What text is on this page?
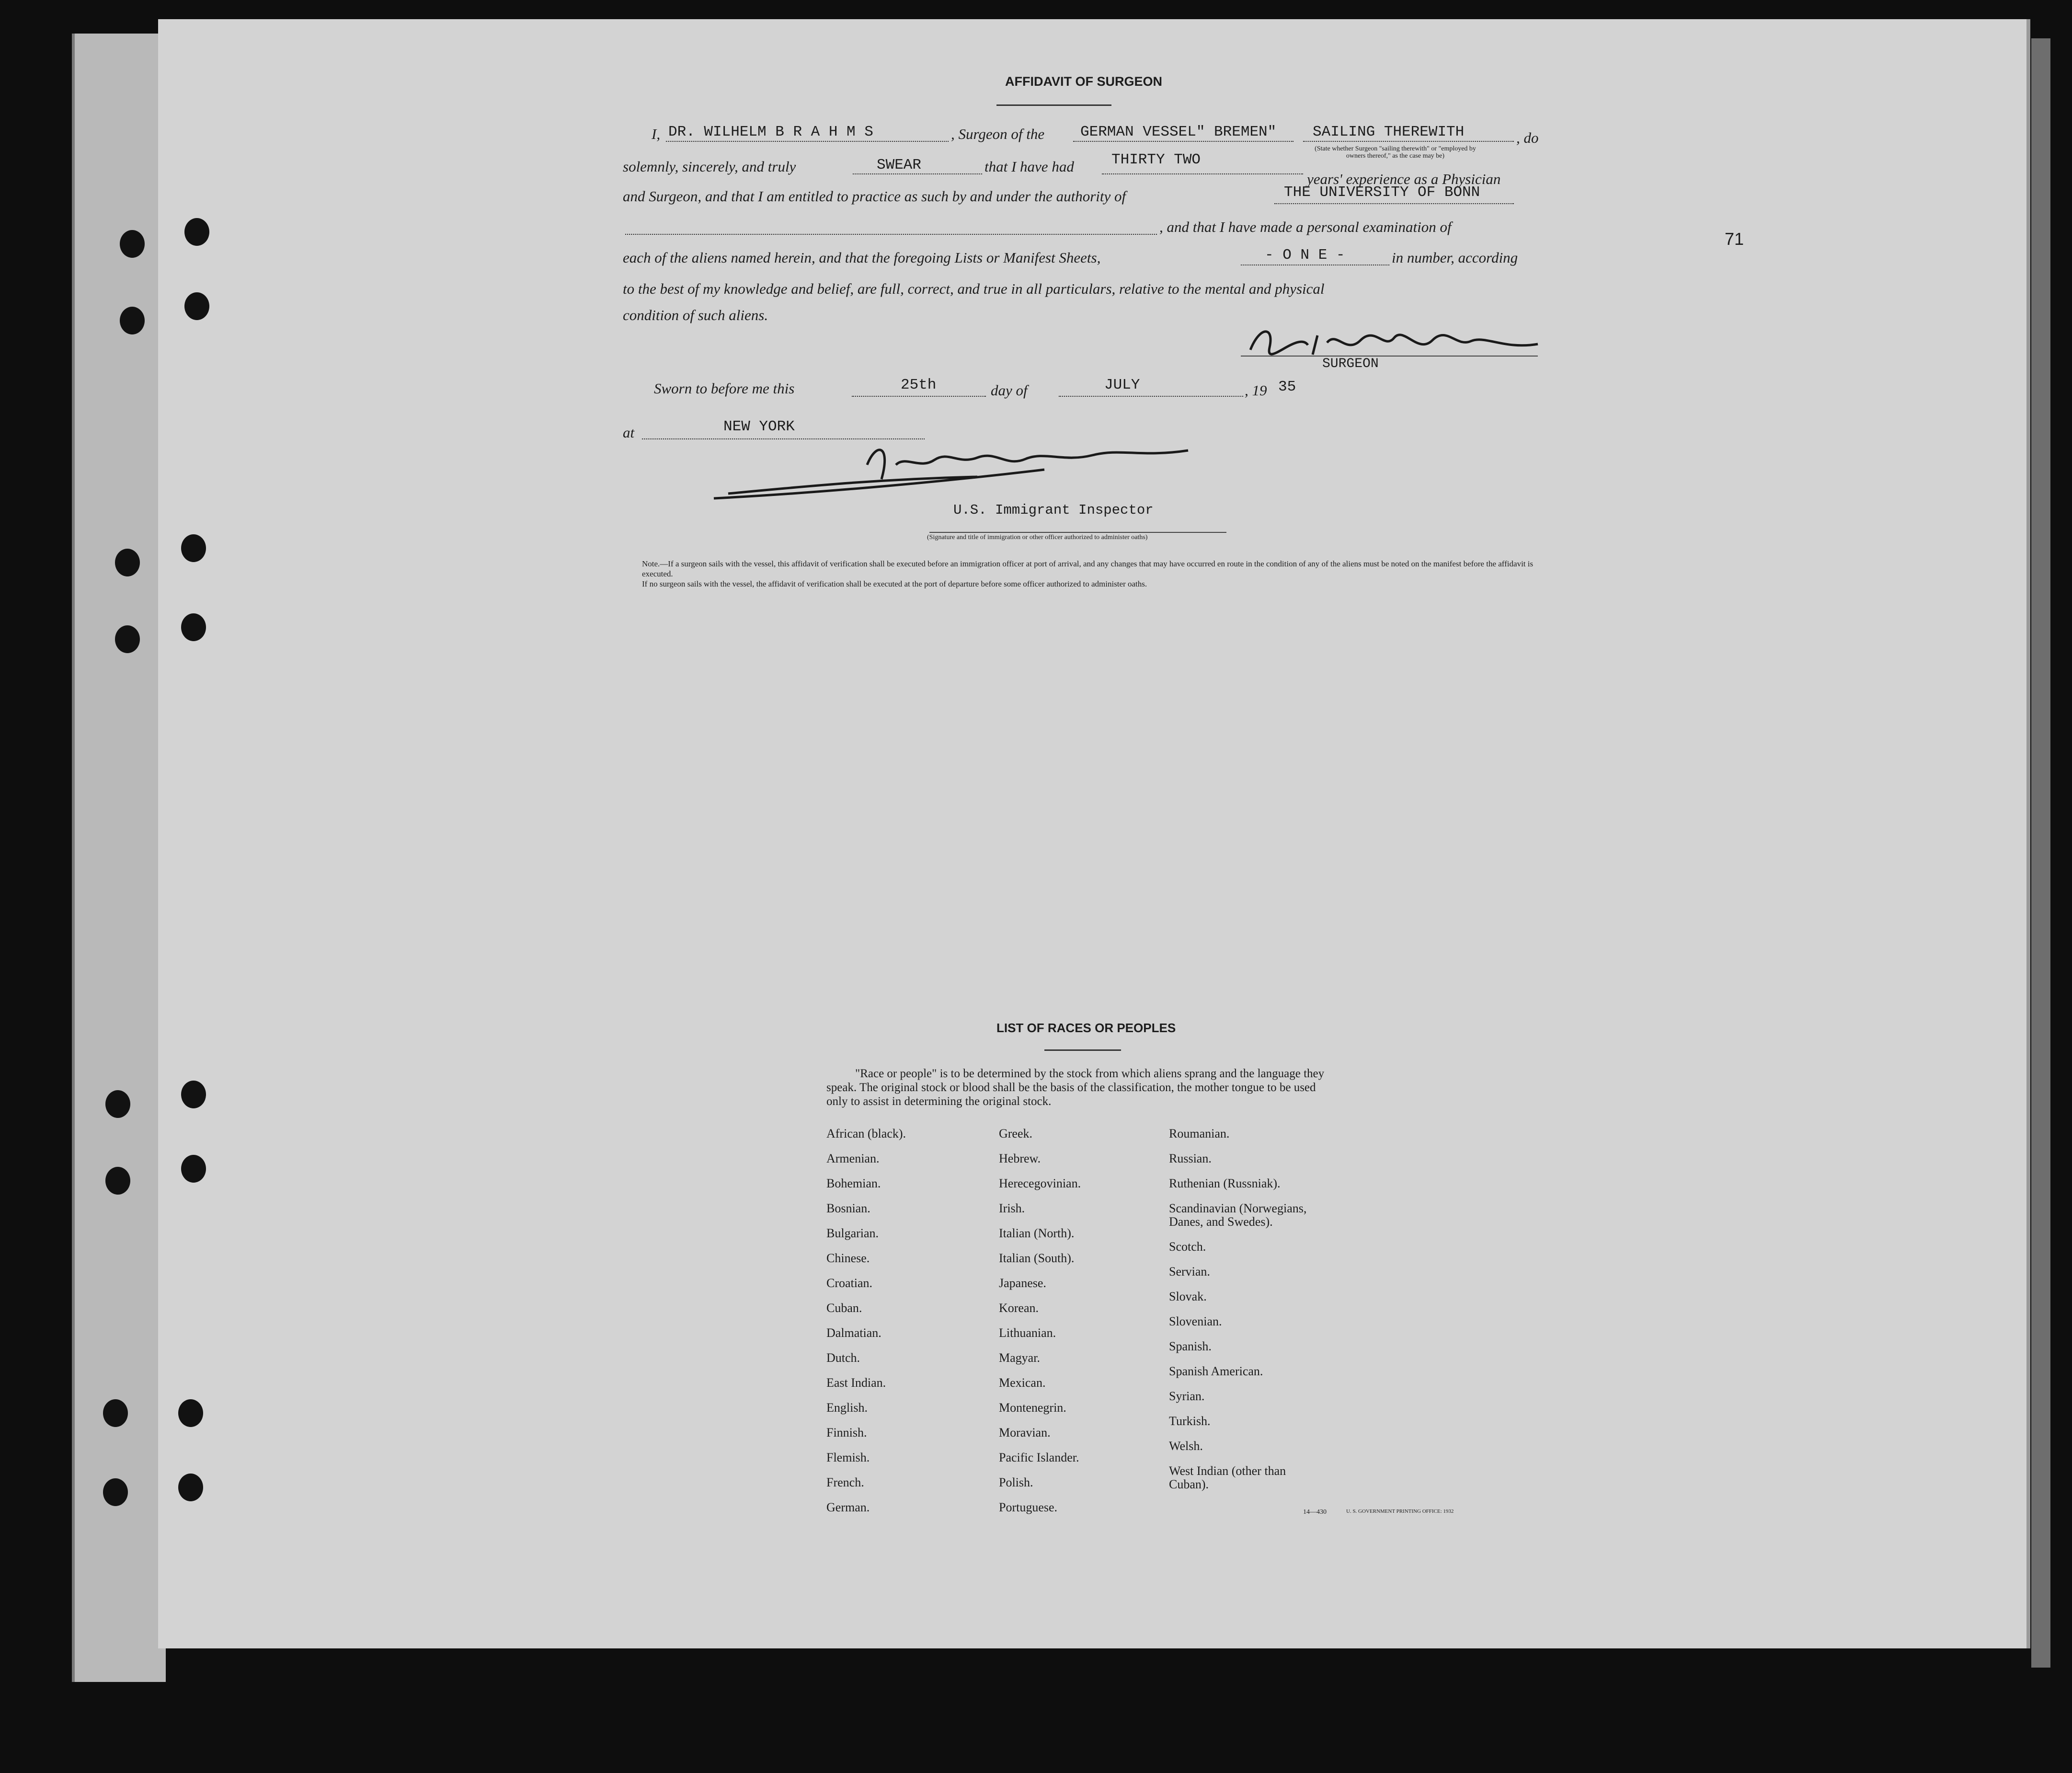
71
AFFIDAVIT OF SURGEON
I, DR. WILHELM B R A H M S	, Surgeon of the GERMAN VESSEL" BREMEN" SAILING THEREWITH	, do
(State whether Surgeon "sailing therewith" or "employed by owners thereof," as the case may be)
solemnly, sincerely, and truly	SWEAR	that I have had	THIRTY TWO
years' experience as a Physician
and Surgeon, and that I am entitled to practice as such by and under the authority of	THE UNIVERSITY OF BONN
, and that I have made a personal examination of
each of the aliens named herein, and that the foregoing Lists or Manifest Sheets,	- O N E -	in number, according
to the best of my knowledge and belief, are full, correct, and true in all particulars, relative to the mental and physical
condition of such aliens.
SURGEON
Sworn to before me this	25th	day of	JULY	, 19 35
at	NEW YORK
U.S. Immigrant Inspector
(Signature and title of immigration or other officer authorized to administer oaths)
Note.—If a surgeon sails with the vessel, this affidavit of verification shall be executed before an immigration officer at port of arrival, and any changes that may have occurred en route in the condition of any of the aliens must be noted on the manifest before the affidavit is executed.
If no surgeon sails with the vessel, the affidavit of verification shall be executed at the port of departure before some officer authorized to administer oaths.
LIST OF RACES OR PEOPLES
"Race or people" is to be determined by the stock from which aliens sprang and the language they speak. The original stock or blood shall be the basis of the classification, the mother tongue to be used only to assist in determining the original stock.
African (black).
Armenian.
Bohemian.
Bosnian.
Bulgarian.
Chinese.
Croatian.
Cuban.
Dalmatian.
Dutch.
East Indian.
English.
Finnish.
Flemish.
French.
German.
Greek.
Hebrew.
Herecegovinian.
Irish.
Italian (North).
Italian (South).
Japanese.
Korean.
Lithuanian.
Magyar.
Mexican.
Montenegrin.
Moravian.
Pacific Islander.
Polish.
Portuguese.
Roumanian.
Russian.
Ruthenian (Russniak).
Scandinavian (Norwegians, Danes, and Swedes).
Scotch.
Servian.
Slovak.
Slovenian.
Spanish.
Spanish American.
Syrian.
Turkish.
Welsh.
West Indian (other than Cuban).
14—430	U. S. GOVERNMENT PRINTING OFFICE: 1932
